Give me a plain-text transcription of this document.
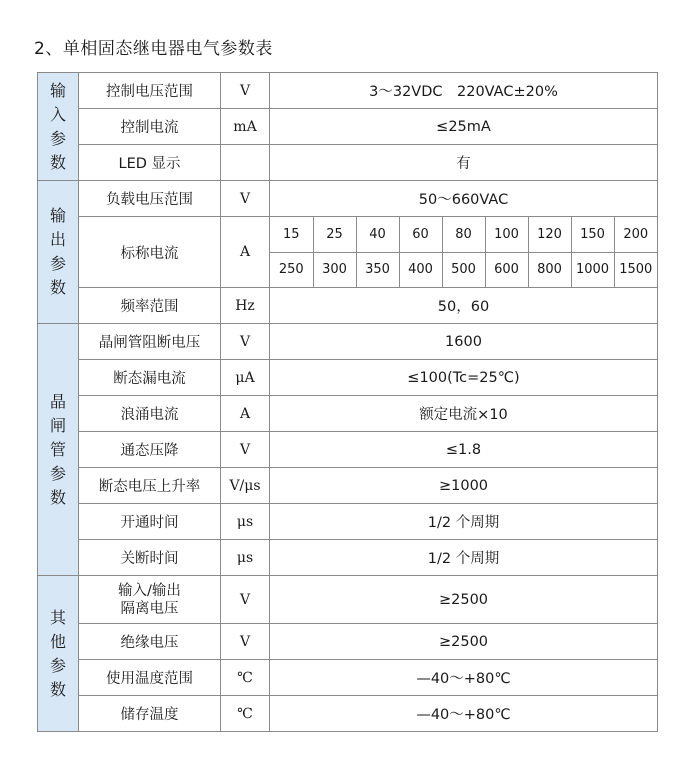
2、单相固态继电器电气参数表
输
入
参
数
	控制电压范围	V	3～32VDC　220VAC±20%
控制电流	mA	≤25mA
LED 显示		有

输
出
参
数
	负载电压范围	V	50～660VAC
标称电流	A	
15	25	40	60	80	100	120	150	200
250	300	350	400	500	600	800	1000	1500

频率范围	Hz	50，60

晶
闸
管
参
数
	晶闸管阻断电压	V	1600
断态漏电流	μA	≤100(Tc=25℃)
浪涌电流	A	额定电流×10
通态压降	V	≤1.8
断态电压上升率	V/μs	≥1000
开通时间	μs	1/2 个周期
关断时间	μs	1/2 个周期

其
他
参
数

输入/输出
隔离电压
	V	≥2500
绝缘电压	V	≥2500
使用温度范围	℃	—40～+80℃
储存温度	℃	—40～+80℃
